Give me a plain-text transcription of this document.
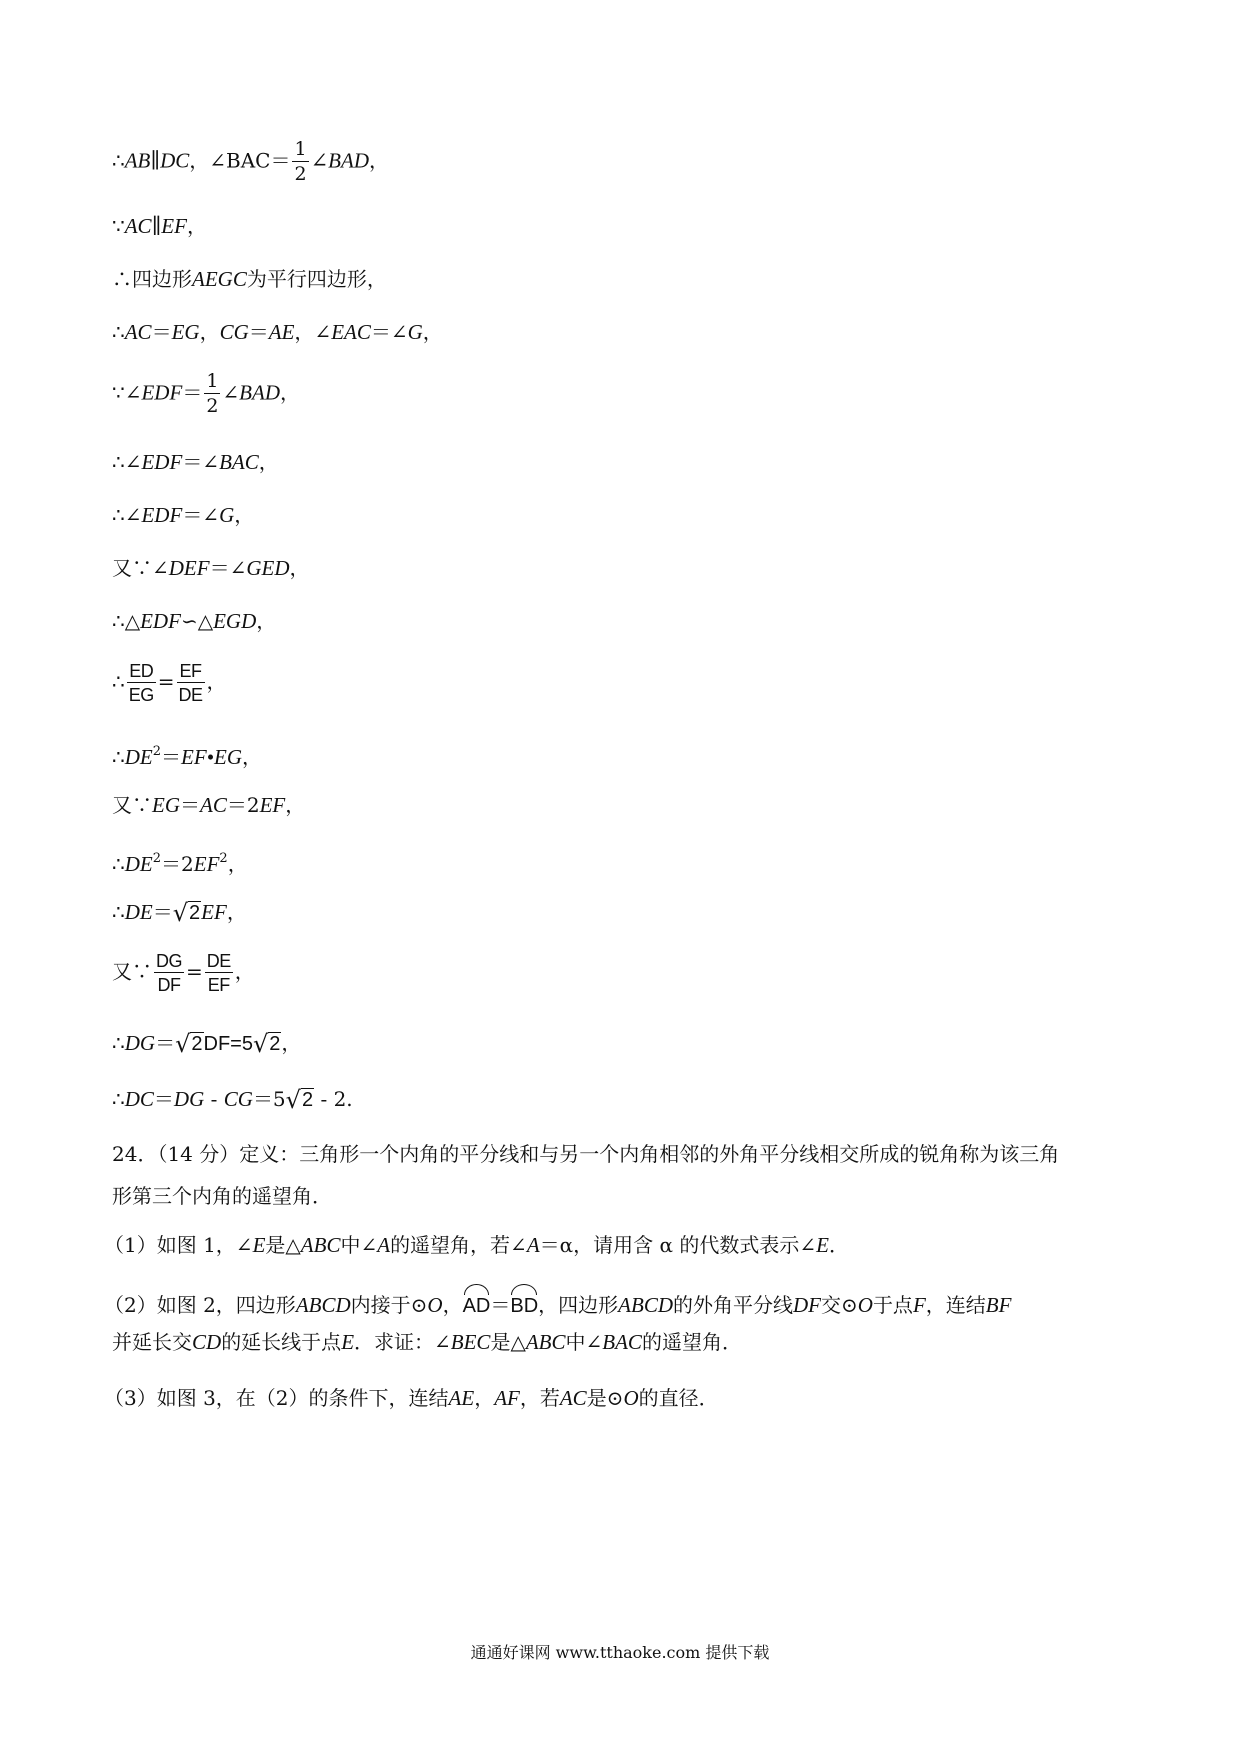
∴AB∥DC，∠BAC＝ $\frac{1}{2}$ ∠BAD，
∵AC∥EF，
∴四边形AEGC为平行四边形，
∴AC＝EG，CG＝AE，∠EAC＝∠G，
∵∠EDF＝ $\frac{1}{2}$ ∠BAD，
∴∠EDF＝∠BAC，
∴∠EDF＝∠G，
又∵∠DEF＝∠GED，
∴△EDF∽△EGD，
∴ $\frac{ED}{EG} = \frac{EF}{DE}$ ，
$\therefore DE^2=EF•EG$，
又∵EG＝AC＝2EF，
$\therefore DE^2=2EF^2$，
∴DE＝√2EF，
又∵ $\frac{DG}{DF} = \frac{DE}{EF}$ ，
∴DG＝√2DF=5√2，
∴DC＝DG - CG＝5√2 - 2.
24．（14 分）定义：三角形一个内角的平分线和与另一个内角相邻的外角平分线相交所成的锐角称为该三角
形第三个内角的遥望角．
（1）如图 1，∠E是△ABC中∠A的遥望角，若∠A＝α，请用含 α 的代数式表示∠E．
（2）如图 2，四边形ABCD内接于⊙O，AD＝BD，四边形ABCD的外角平分线DF交⊙O于点F，连结BF
并延长交CD的延长线于点E．求证：∠BEC是△ABC中∠BAC的遥望角．
（3）如图 3，在（2）的条件下，连结AE，AF，若AC是⊙O的直径．
通通好课网 www.tthaoke.com 提供下载
